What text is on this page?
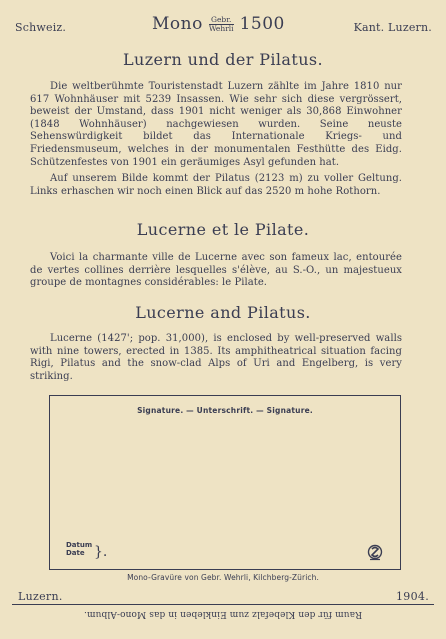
Schweiz.	Mono Gebr.
Wehrli 1500	Kant. Luzern.
Luzern und der Pilatus.

Die weltberühmte Touristenstadt Luzern zählte im Jahre 1810 nur 617 Wohnhäuser mit 5239 Insassen. Wie sehr sich diese vergrössert, beweist der Umstand, dass 1901 nicht weniger als 30,868 Einwohner (1848 Wohnhäuser) nachgewiesen wurden. Seine neuste Sehenswürdigkeit bildet das Internationale Kriegs- und Friedensmuseum, welches in der monumentalen Festhütte des Eidg. Schützenfestes von 1901 ein geräumiges Asyl gefunden hat.

Auf unserem Bilde kommt der Pilatus (2123 m) zu voller Geltung. Links erhaschen wir noch einen Blick auf das 2520 m hohe Rothorn.

Lucerne et le Pilate.

Voici la charmante ville de Lucerne avec son fameux lac, entourée de vertes collines derrière lesquelles s'élève, au S.-O., un majestueux groupe de montagnes considérables: le Pilate.

Lucerne and Pilatus.

Lucerne (1427'; pop. 31,000), is enclosed by well-preserved walls with nine towers, erected in 1385. Its amphitheatrical situation facing Rigi, Pilatus and the snow-clad Alps of Uri and Engelberg, is very striking.

Signature. — Unterschrift. — Signature.
Datum
Date }.
Mono-Gravüre von Gebr. Wehrli, Kilchberg-Zürich.
Luzern.	1904.
Raum für den Klebefalz zum Einkleben in das Mono-Album.
